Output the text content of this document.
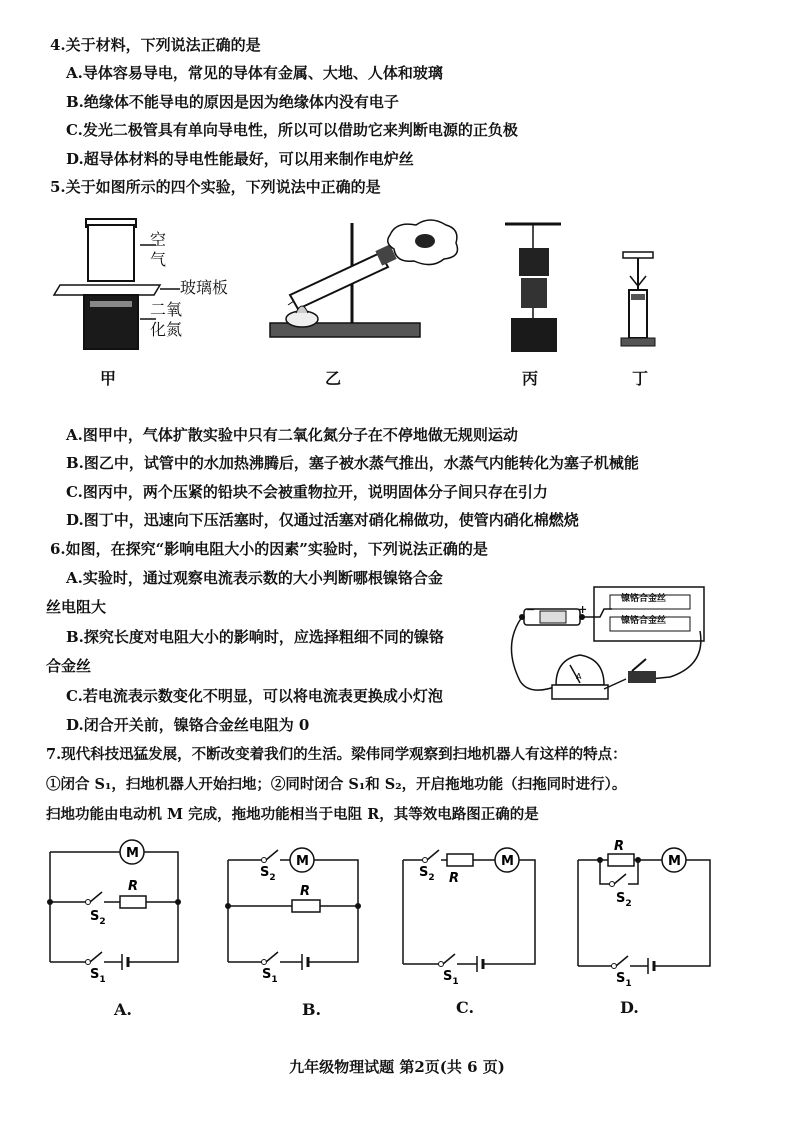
4.关于材料，下列说法正确的是
A.导体容易导电，常见的导体有金属、大地、人体和玻璃
B.绝缘体不能导电的原因是因为绝缘体内没有电子
C.发光二极管具有单向导电性，所以可以借助它来判断电源的正负极
D.超导体材料的导电性能最好，可以用来制作电炉丝
5.关于如图所示的四个实验，下列说法中正确的是
空
气
玻璃板
二氧
化氮
甲	乙	丙	丁
A.图甲中，气体扩散实验中只有二氧化氮分子在不停地做无规则运动
B.图乙中，试管中的水加热沸腾后，塞子被水蒸气推出，水蒸气内能转化为塞子机械能
C.图丙中，两个压紧的铅块不会被重物拉开，说明固体分子间只存在引力
D.图丁中，迅速向下压活塞时，仅通过活塞对硝化棉做功，使管内硝化棉燃烧
6.如图，在探究“影响电阻大小的因素”实验时，下列说法正确的是
A.实验时，通过观察电流表示数的大小判断哪根镍铬合金
丝电阻大
B.探究长度对电阻大小的影响时，应选择粗细不同的镍铬
合金丝
C.若电流表示数变化不明显，可以将电流表更换成小灯泡
D.闭合开关前，镍铬合金丝电阻为 0
A
镍铬合金丝
镍铬合金丝
−	+
7.现代科技迅猛发展，不断改变着我们的生活。梁伟同学观察到扫地机器人有这样的特点：
①闭合 S₁，扫地机器人开始扫地；②同时闭合 S₁和 S₂，开启拖地功能（扫拖同时进行）。
扫地功能由电动机 M 完成，拖地功能相当于电阻 R，其等效电路图正确的是
M
R
$S_2$
$S_1$
M
$S_2$
R
$S_1$
M
$S_2$ R
$S_1$
M
R
$S_2$
$S_1$
A.	B.	C.	D.
九年级物理试题 第2页(共 6 页)
